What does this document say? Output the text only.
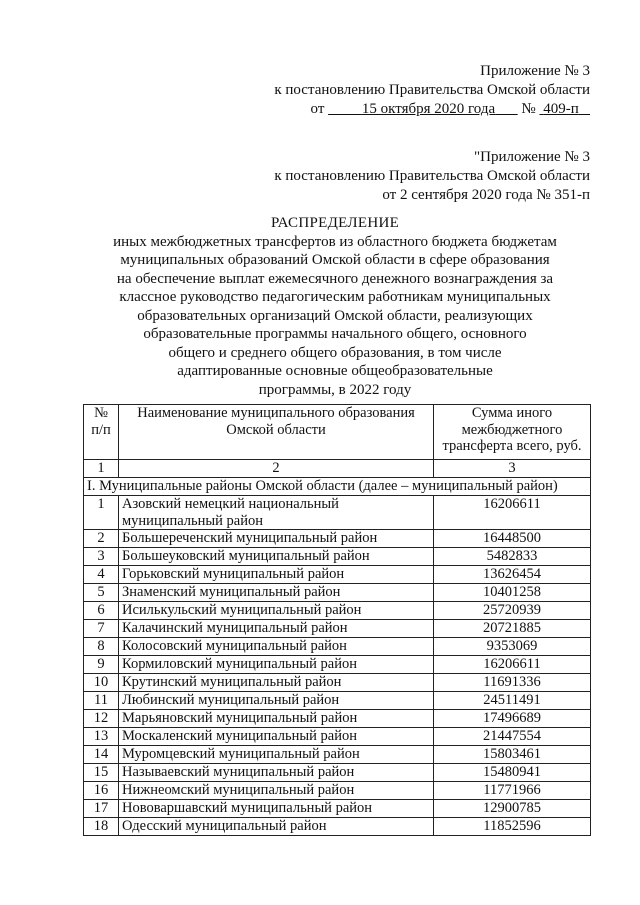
Приложение № 3
к постановлению Правительства Омской области
от	15 октября 2020 года № 409-п
"Приложение № 3
к постановлению Правительства Омской области
от 2 сентября 2020 года № 351-п
РАСПРЕДЕЛЕНИЕ
иных межбюджетных трансфертов из областного бюджета бюджетам
муниципальных образований Омской области в сфере образования
на обеспечение выплат ежемесячного денежного вознаграждения за
классное руководство педагогическим работникам муниципальных
образовательных организаций Омской области, реализующих
образовательные программы начального общего, основного
общего и среднего общего образования, в том числе
адаптированные основные общеобразовательные
программы, в 2022 году
№ п/п	Наименование муниципального образования Омской области	Сумма иного межбюджетного трансферта всего, руб.
1	2	3
I. Муниципальные районы Омской области (далее – муниципальный район)		
1	Азовский немецкий национальный муниципальный район	16206611
2	Большереченский муниципальный район	16448500
3	Большеуковский муниципальный район	5482833
4	Горьковский муниципальный район	13626454
5	Знаменский муниципальный район	10401258
6	Исилькульский муниципальный район	25720939
7	Калачинский муниципальный район	20721885
8	Колосовский муниципальный район	9353069
9	Кормиловский муниципальный район	16206611
10	Крутинский муниципальный район	11691336
11	Любинский муниципальный район	24511491
12	Марьяновский муниципальный район	17496689
13	Москаленский муниципальный район	21447554
14	Муромцевский муниципальный район	15803461
15	Называевский муниципальный район	15480941
16	Нижнеомский муниципальный район	11771966
17	Нововаршавский муниципальный район	12900785
18	Одесский муниципальный район	11852596
